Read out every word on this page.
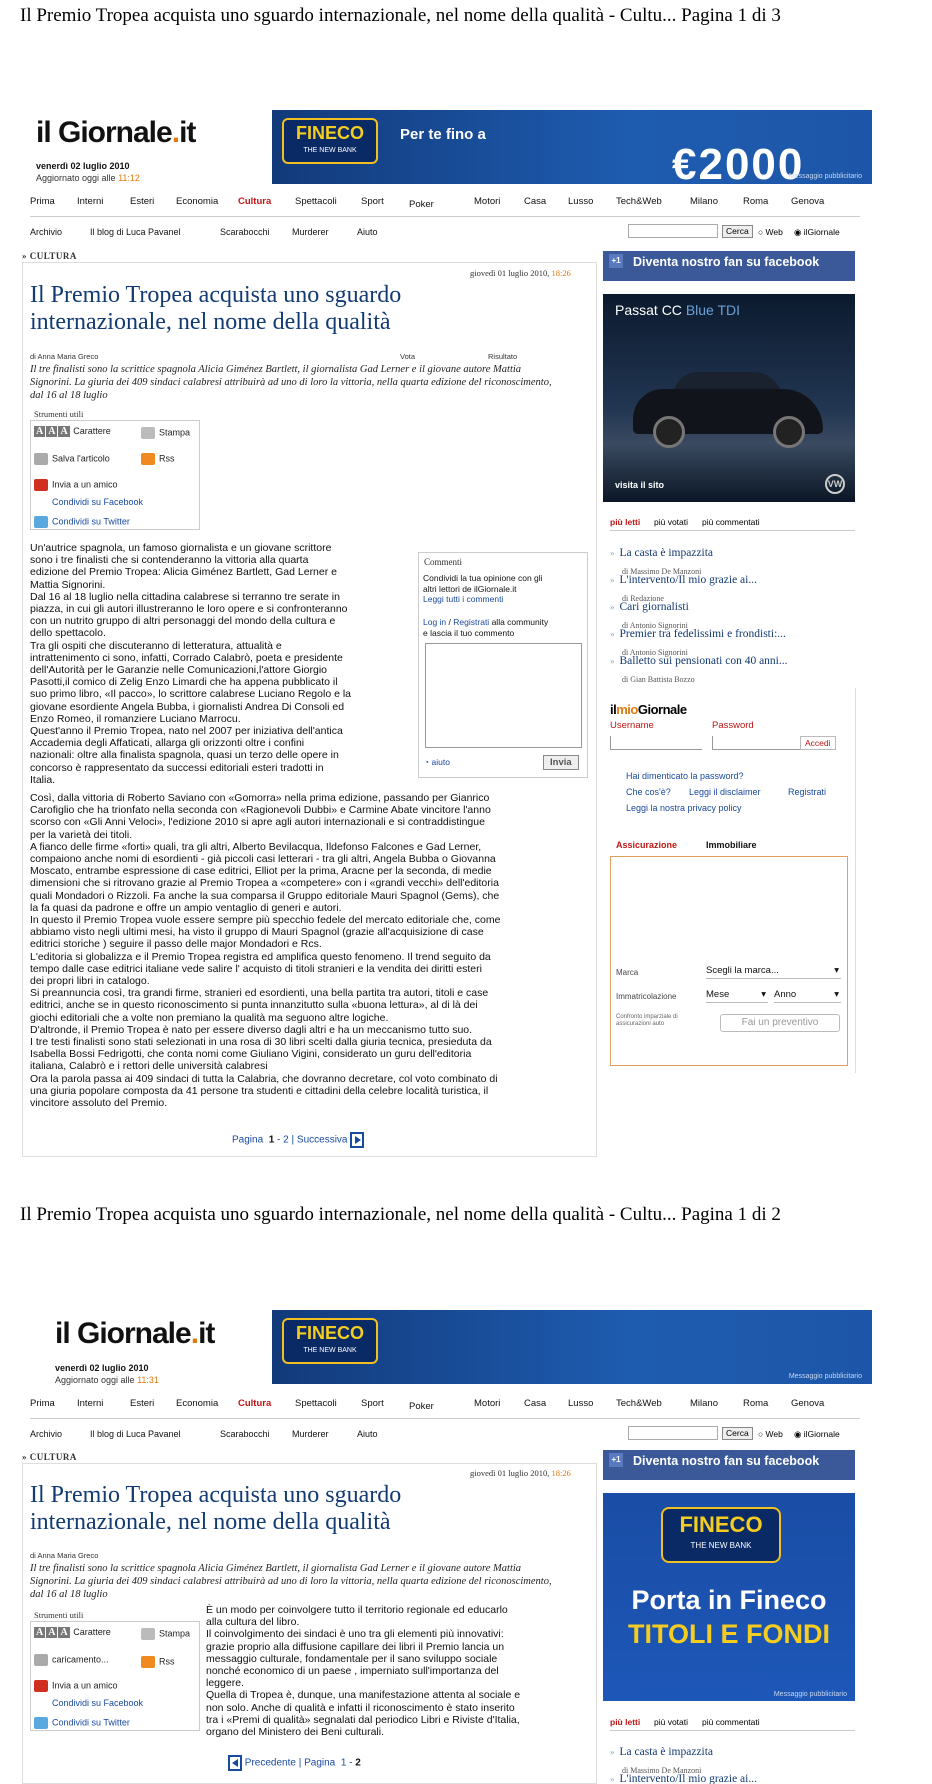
Il Premio Tropea acquista uno sguardo internazionale, nel nome della qualità - Cultu... Pagina 1 di 3
il Giornale.it
venerdì 02 luglio 2010
Aggiornato oggi alle 11:12
FINECO
THE NEW BANK
Per te fino a
€2000
Messaggio pubblicitario
Prima Interni	Esteri Economia Cultura	Spettacoli	Sport	Poker	Motori Casa Lusso Tech&Web	Milano	Roma Genova
Archivio	Il blog di Luca Pavanel	Scarabocchi Murderer	Aiuto	Cerca	○ Web ◉ ilGiornale
» CULTURA
giovedì 01 luglio 2010, 18:26
Il Premio Tropea acquista uno sguardo
internazionale, nel nome della qualità
di Anna Maria Greco	Vota	Risultato
Il tre finalisti sono la scrittice spagnola Alicia Giménez Bartlett, il giornalista Gad Lerner e il giovane autore Mattia Signorini. La giuria dei 409 sindaci calabresi attribuirà ad uno di loro la vittoria, nella quarta edizione del riconoscimento, dal 16 al 18 luglio
Strumenti utili
A A A Carattere	Stampa
Salva l'articolo	Rss
Invia a un amico
Condividi su Facebook
Condividi su Twitter
Un'autrice spagnola, un famoso giornalista e un giovane scrittore
sono i tre finalisti che si contenderanno la vittoria alla quarta
edizione del Premio Tropea: Alicia Giménez Bartlett, Gad Lerner e
Mattia Signorini.
Dal 16 al 18 luglio nella cittadina calabrese si terranno tre serate in
piazza, in cui gli autori illustreranno le loro opere e si confronteranno
con un nutrito gruppo di altri personaggi del mondo della cultura e
dello spettacolo.
Tra gli ospiti che discuteranno di letteratura, attualità e
intrattenimento ci sono, infatti, Corrado Calabrò, poeta e presidente
dell'Autorità per le Garanzie nelle Comunicazioni,l'attore Giorgio
Pasotti,il comico di Zelig Enzo Limardi che ha appena pubblicato il
suo primo libro, «Il pacco», lo scrittore calabrese Luciano Regolo e la
giovane esordiente Angela Bubba, i giornalisti Andrea Di Consoli ed
Enzo Romeo, il romanziere Luciano Marrocu.
Quest'anno il Premio Tropea, nato nel 2007 per iniziativa dell'antica
Accademia degli Affaticati, allarga gli orizzonti oltre i confini
nazionali: oltre alla finalista spagnola, quasi un terzo delle opere in
concorso è rappresentato da successi editoriali esteri tradotti in
Italia.
Commenti
Condividi la tua opinione con gli
altri lettori de ilGiornale.it
Leggi tutti i commenti
Log in / Registrati alla community
e lascia il tuo commento
◔ aiuto	Invia
Così, dalla vittoria di Roberto Saviano con «Gomorra» nella prima edizione, passando per Gianrico
Carofiglio che ha trionfato nella seconda con «Ragionevoli Dubbi» e Carmine Abate vincitore l'anno
scorso con «Gli Anni Veloci», l'edizione 2010 si apre agli autori internazionali e si contraddistingue
per la varietà dei titoli.
A fianco delle firme «forti» quali, tra gli altri, Alberto Bevilacqua, Ildefonso Falcones e Gad Lerner,
compaiono anche nomi di esordienti - già piccoli casi letterari - tra gli altri, Angela Bubba o Giovanna
Moscato, entrambe espressione di case editrici, Elliot per la prima, Aracne per la seconda, di medie
dimensioni che si ritrovano grazie al Premio Tropea a «competere» con i «grandi vecchi» dell'editoria
quali Mondadori o Rizzoli. Fa anche la sua comparsa il Gruppo editoriale Mauri Spagnol (Gems), che
la fa quasi da padrone e offre un ampio ventaglio di generi e autori.
In questo il Premio Tropea vuole essere sempre più specchio fedele del mercato editoriale che, come
abbiamo visto negli ultimi mesi, ha visto il gruppo di Mauri Spagnol (grazie all'acquisizione di case
editrici storiche ) seguire il passo delle major Mondadori e Rcs.
L'editoria si globalizza e il Premio Tropea registra ed amplifica questo fenomeno. Il trend seguito da
tempo dalle case editrici italiane vede salire l' acquisto di titoli stranieri e la vendita dei diritti esteri
dei propri libri in catalogo.
Si preannuncia così, tra grandi firme, stranieri ed esordienti, una bella partita tra autori, titoli e case
editrici, anche se in questo riconoscimento si punta innanzitutto sulla «buona lettura», al di là dei
giochi editoriali che a volte non premiano la qualità ma seguono altre logiche.
D'altronde, il Premio Tropea è nato per essere diverso dagli altri e ha un meccanismo tutto suo.
I tre testi finalisti sono stati selezionati in una rosa di 30 libri scelti dalla giuria tecnica, presieduta da
Isabella Bossi Fedrigotti, che conta nomi come Giuliano Vigini, considerato un guru dell'editoria
italiana, Calabrò e i rettori delle università calabresi
Ora la parola passa ai 409 sindaci di tutta la Calabria, che dovranno decretare, col voto combinato di
una giuria popolare composta da 41 persone tra studenti e cittadini della celebre località turistica, il
vincitore assoluto del Premio.
Pagina 1 - 2 | Successiva
+1 Diventa nostro fan su facebook
Passat CC Blue TDI
visita il sito	VW
più letti più votati più commentati
» La casta è impazzita
di Massimo De Manzoni
» L'intervento/Il mio grazie ai...
di Redazione
» Cari giornalisti
di Antonio Signorini
» Premier tra fedelissimi e frondisti:...
di Antonio Signorini
» Balletto sui pensionati con 40 anni...
di Gian Battista Bozzo
ilmioGiornale
Username	Password
Accedi
Hai dimenticato la password?
Che cos'è? Leggi il disclaimer	Registrati
Leggi la nostra privacy policy
Assicurazione	Immobiliare
Marca	Scegli la marca...	▾
Immatricolazione	Mese	▾ Anno	▾
Confronto imparziale di assicurazioni auto	Fai un preventivo
Il Premio Tropea acquista uno sguardo internazionale, nel nome della qualità - Cultu... Pagina 1 di 2
il Giornale.it
venerdì 02 luglio 2010
Aggiornato oggi alle 11:31
FINECO
THE NEW BANK
Messaggio pubblicitario
Prima Interni	Esteri Economia Cultura	Spettacoli	Sport	Poker	Motori Casa Lusso Tech&Web	Milano	Roma Genova
Archivio	Il blog di Luca Pavanel	Scarabocchi Murderer	Aiuto	Cerca	○ Web ◉ ilGiornale
» CULTURA
giovedì 01 luglio 2010, 18:26
Il Premio Tropea acquista uno sguardo
internazionale, nel nome della qualità
di Anna Maria Greco
Il tre finalisti sono la scrittice spagnola Alicia Giménez Bartlett, il giornalista Gad Lerner e il giovane autore Mattia Signorini. La giuria dei 409 sindaci calabresi attribuirà ad uno di loro la vittoria, nella quarta edizione del riconoscimento, dal 16 al 18 luglio
Strumenti utili
A A A Carattere	Stampa
caricamento...	Rss
Invia a un amico
Condividi su Facebook
Condividi su Twitter
È un modo per coinvolgere tutto il territorio regionale ed educarlo
alla cultura del libro.
Il coinvolgimento dei sindaci è uno tra gli elementi più innovativi:
grazie proprio alla diffusione capillare dei libri il Premio lancia un
messaggio culturale, fondamentale per il sano sviluppo sociale
nonché economico di un paese , imperniato sull'importanza del
leggere.
Quella di Tropea è, dunque, una manifestazione attenta al sociale e
non solo. Anche di qualità e infatti il riconoscimento è stato inserito
tra i «Premi di qualità» segnalati dal periodico Libri e Riviste d'Italia,
organo del Ministero dei Beni culturali.
Precedente | Pagina 1 - 2
+1 Diventa nostro fan su facebook
FINECO
THE NEW BANK
Porta in Fineco
TITOLI E FONDI
Messaggio pubblicitario
più letti più votati più commentati
» La casta è impazzita
di Massimo De Manzoni
» L'intervento/Il mio grazie ai...
